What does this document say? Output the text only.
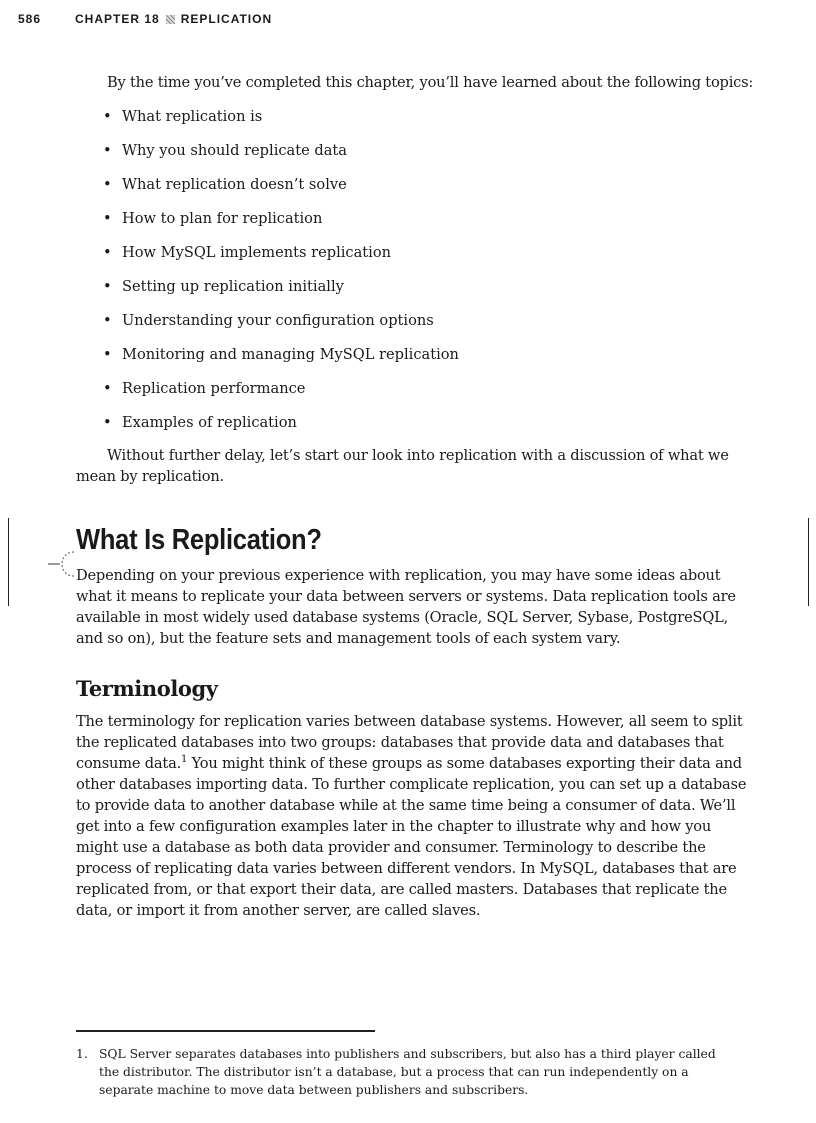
586	CHAPTER 18 REPLICATION

By the time you’ve completed this chapter, you’ll have learned about the following topics:

• What replication is
• Why you should replicate data
• What replication doesn’t solve
• How to plan for replication
• How MySQL implements replication
• Setting up replication initially
• Understanding your configuration options
• Monitoring and managing MySQL replication
• Replication performance
• Examples of replication

Without further delay, let’s start our look into replication with a discussion of what we mean by replication.

What Is Replication?

Depending on your previous experience with replication, you may have some ideas about what it means to replicate your data between servers or systems. Data replication tools are available in most widely used database systems (Oracle, SQL Server, Sybase, PostgreSQL, and so on), but the feature sets and management tools of each system vary.

Terminology

The terminology for replication varies between database systems. However, all seem to split the replicated databases into two groups: databases that provide data and databases that consume data.$^1$ You might think of these groups as some databases exporting their data and other databases importing data. To further complicate replication, you can set up a database to provide data to another database while at the same time being a consumer of data. We’ll get into a few configuration examples later in the chapter to illustrate why and how you might use a database as both data provider and consumer. Terminology to describe the process of replicating data varies between different vendors. In MySQL, databases that are replicated from, or that export their data, are called masters. Databases that replicate the data, or import it from another server, are called slaves.

1. SQL Server separates databases into publishers and subscribers, but also has a third player called the distributor. The distributor isn’t a database, but a process that can run independently on a separate machine to move data between publishers and subscribers.
